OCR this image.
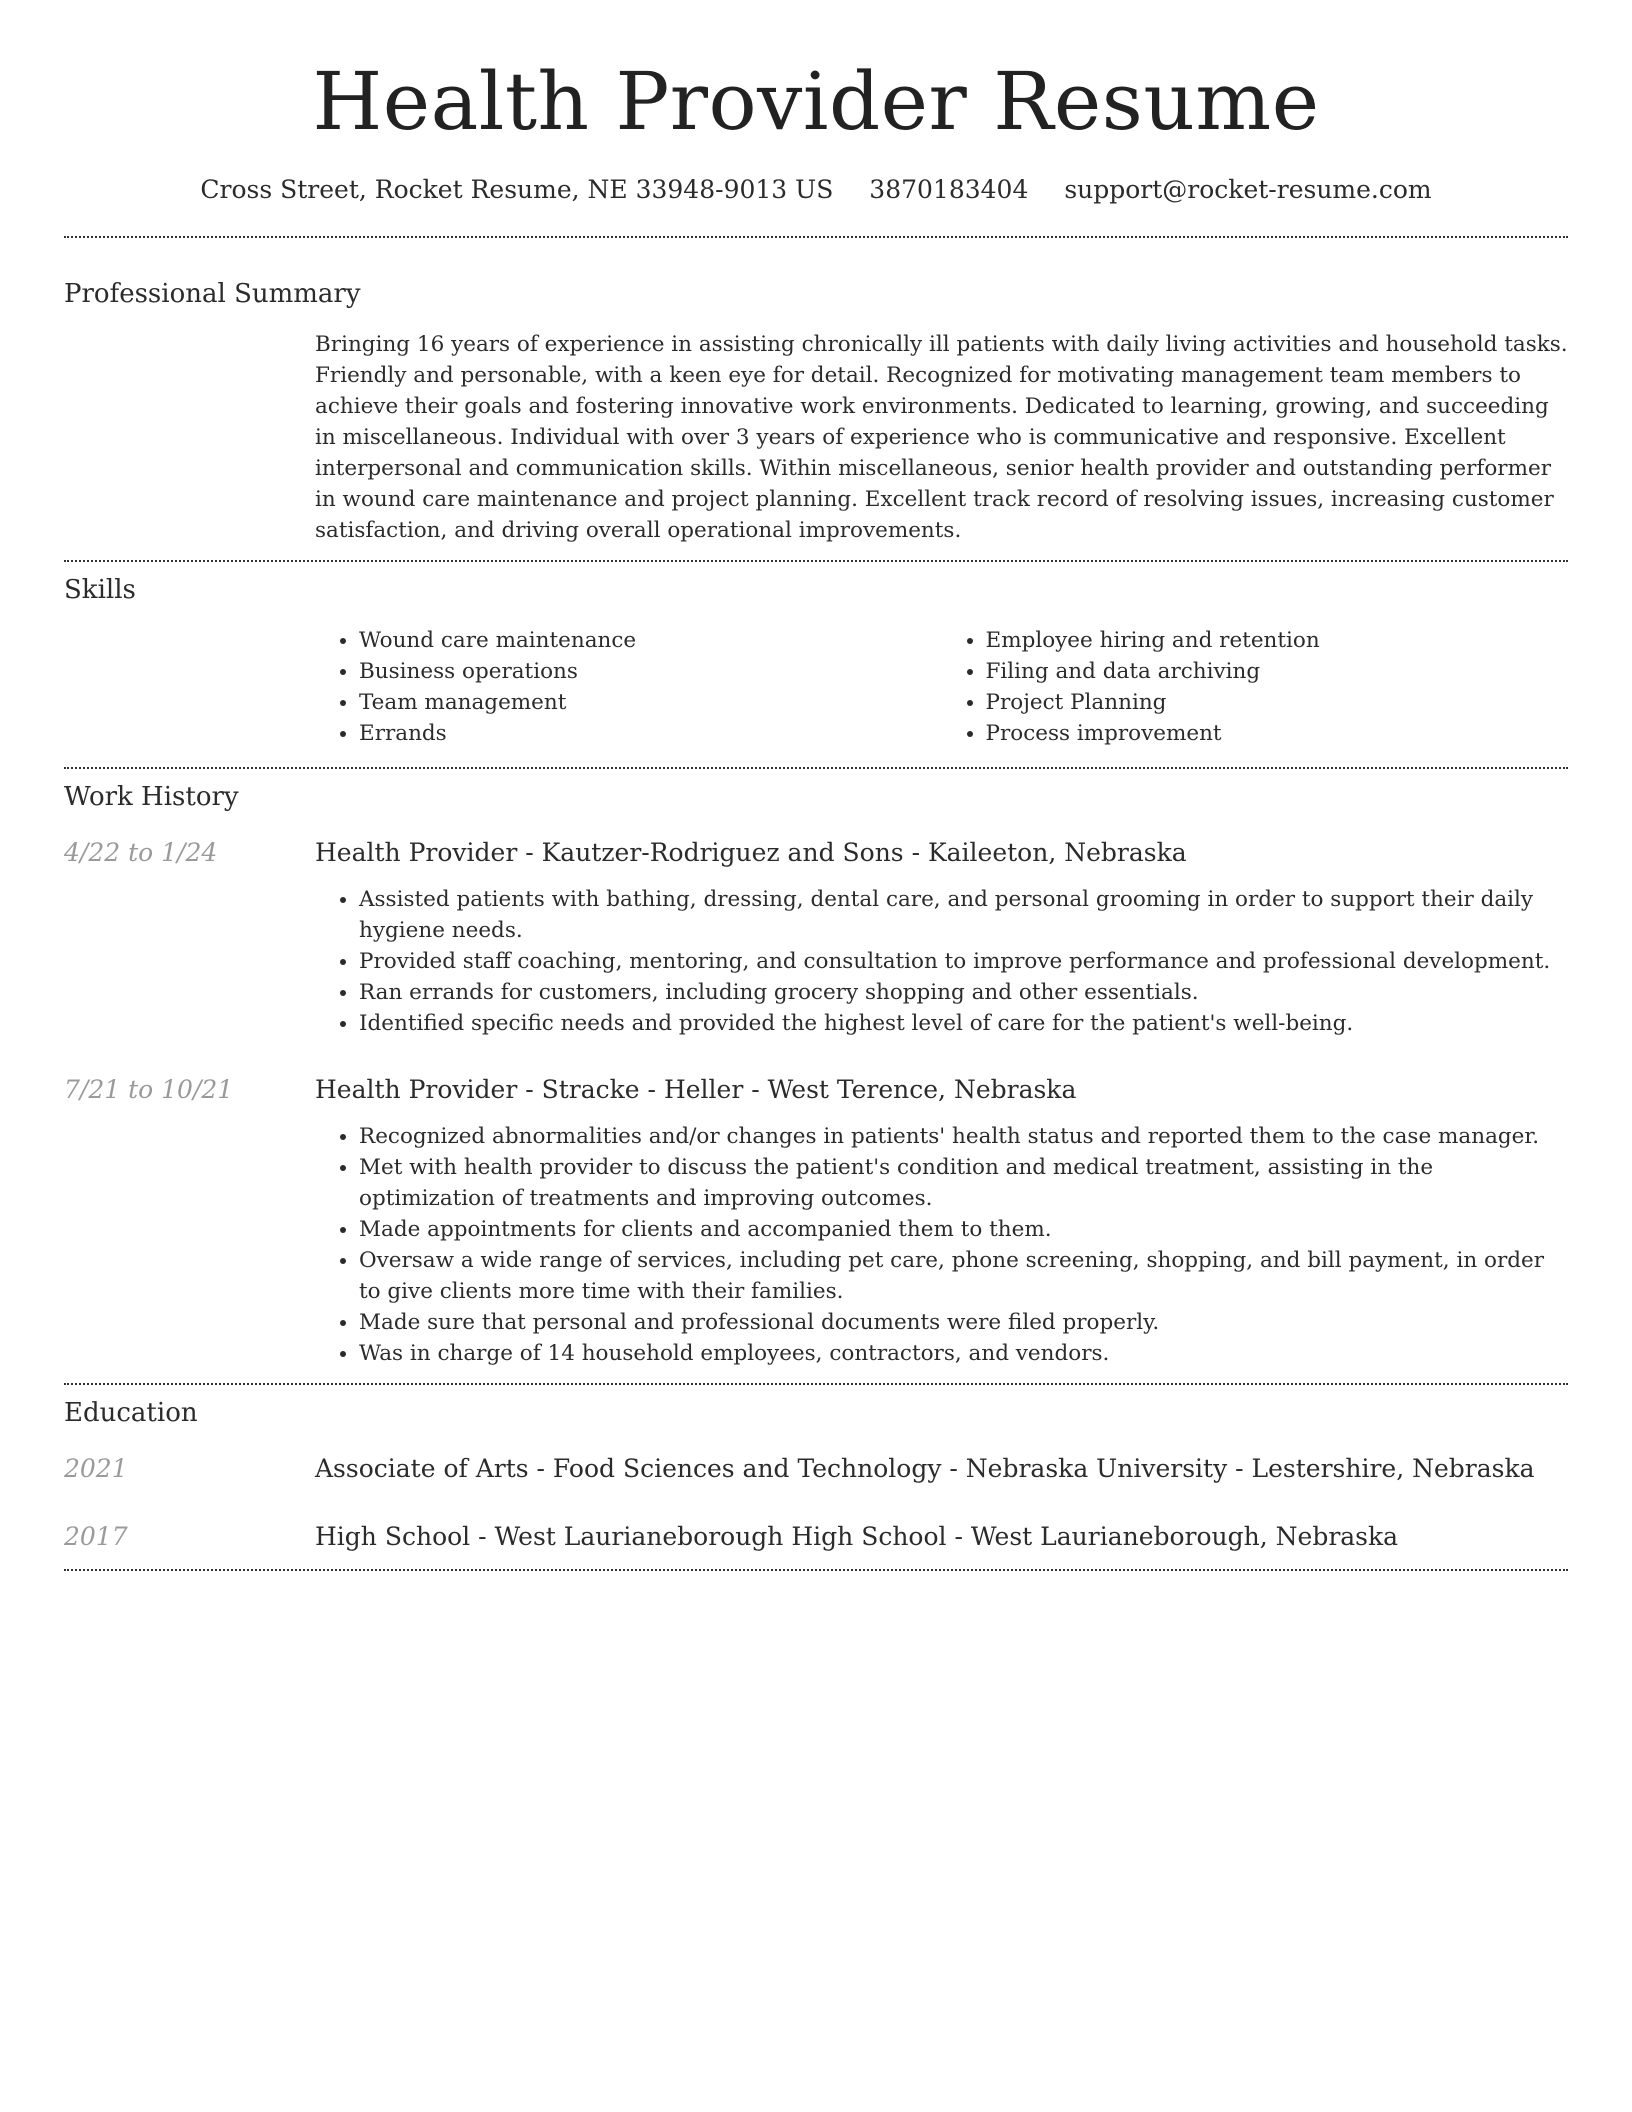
Health Provider Resume
Cross Street, Rocket Resume, NE 33948-9013 US 3870183404 support@rocket-resume.com
Professional Summary

Bringing 16 years of experience in assisting chronically ill patients with daily living activities and household tasks. Friendly and personable, with a keen eye for detail. Recognized for motivating management team members to achieve their goals and fostering innovative work environments. Dedicated to learning, growing, and succeeding in miscellaneous. Individual with over 3 years of experience who is communicative and responsive. Excellent interpersonal and communication skills. Within miscellaneous, senior health provider and outstanding performer in wound care maintenance and project planning. Excellent track record of resolving issues, increasing customer satisfaction, and driving overall operational improvements.

Skills
• Wound care maintenance
• Business operations
• Team management
• Errands
• Employee hiring and retention
• Filing and data archiving
• Project Planning
• Process improvement
Work History
4/22 to 1/24	Health Provider - Kautzer-Rodriguez and Sons - Kaileeton, Nebraska
• Assisted patients with bathing, dressing, dental care, and personal grooming in order to support their daily hygiene needs.
• Provided staff coaching, mentoring, and consultation to improve performance and professional development.
• Ran errands for customers, including grocery shopping and other essentials.
• Identified specific needs and provided the highest level of care for the patient's well-being.
7/21 to 10/21	Health Provider - Stracke - Heller - West Terence, Nebraska
• Recognized abnormalities and/or changes in patients' health status and reported them to the case manager.
• Met with health provider to discuss the patient's condition and medical treatment, assisting in the optimization of treatments and improving outcomes.
• Made appointments for clients and accompanied them to them.
• Oversaw a wide range of services, including pet care, phone screening, shopping, and bill payment, in order to give clients more time with their families.
• Made sure that personal and professional documents were filed properly.
• Was in charge of 14 household employees, contractors, and vendors.
Education
2021	Associate of Arts - Food Sciences and Technology - Nebraska University - Lestershire, Nebraska
2017	High School - West Laurianeborough High School - West Laurianeborough, Nebraska
